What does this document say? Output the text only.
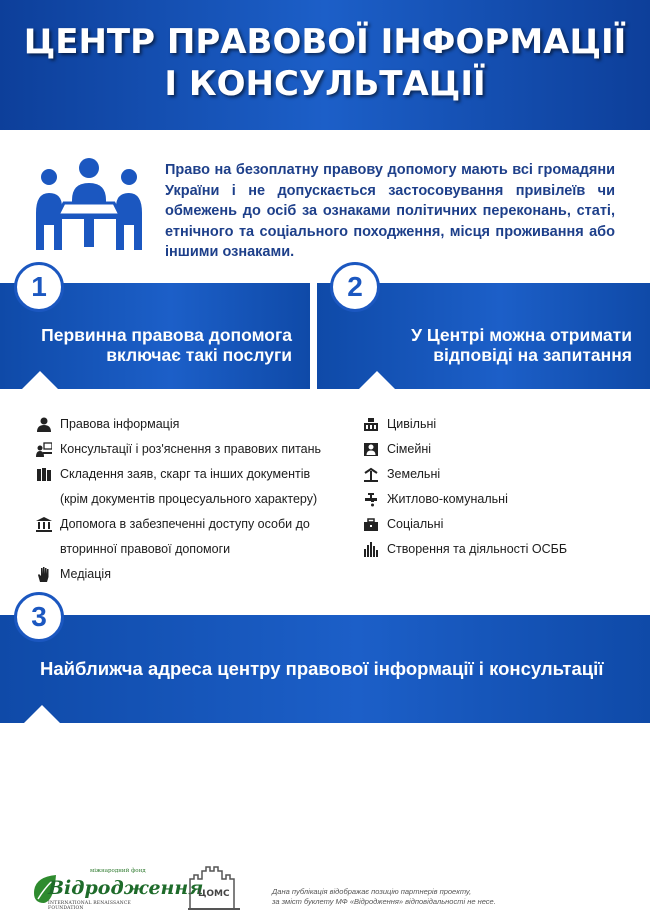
ЦЕНТР ПРАВОВОЇ ІНФОРМАЦІЇ
І КОНСУЛЬТАЦІЇ

Право на безоплатну правову допомогу мають всі громадяни України і не допускається застосовування привілеїв чи обмежень до осіб за ознаками політичних переконань, статі, етнічного та соціального походження, місця проживання або іншими ознаками.

Первинна правова допомога
включає такі послуги

1

У Центрі можна отримати
відповіді на запитання

2
Правова інформація
Консультації і роз'яснення з правових питань
Складення заяв, скарг та інших документів
(крім документів процесуального характеру)
Допомога в забезпеченні доступу особи до
вторинної правової допомоги
Медіація
Цивільні
Сімейні
Земельні
Житлово-комунальні
Соціальні
Створення та діяльності ОСББ

Найближча адреса центру правової інформації і консультації

3
міжнародний фонд
Відродження
INTERNATIONAL RENAISSANCE FOUNDATION
ЦОМС	Дана публікація відображає позицію партнерів проекту,
за зміст буклету МФ «Відродження» відповідальності не несе.
